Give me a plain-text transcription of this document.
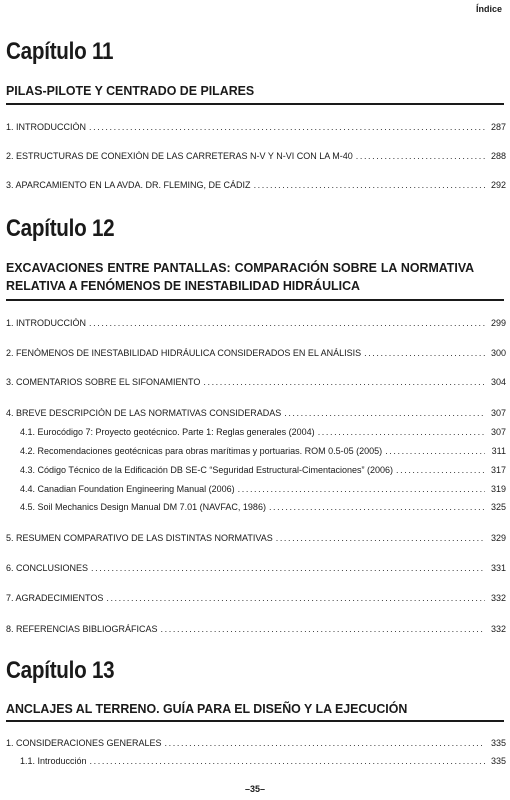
Índice
Capítulo 11
PILAS-PILOTE Y CENTRADO DE PILARES
1. INTRODUCCIÓN .....	287
2. ESTRUCTURAS DE CONEXIÓN DE LAS CARRETERAS N-V Y N-VI CON LA M-40 .....	288
3. APARCAMIENTO EN LA AVDA. DR. FLEMING, DE CÁDIZ .....	292
Capítulo 12
EXCAVACIONES ENTRE PANTALLAS: COMPARACIÓN SOBRE LA NORMATIVA RELATIVA A FENÓMENOS DE INESTABILIDAD HIDRÁULICA
1. INTRODUCCIÓN .....	299
2. FENÓMENOS DE INESTABILIDAD HIDRÁULICA CONSIDERADOS EN EL ANÁLISIS .....	300
3. COMENTARIOS SOBRE EL SIFONAMIENTO .....	304
4. BREVE DESCRIPCIÓN DE LAS NORMATIVAS CONSIDERADAS .....	307
4.1. Eurocódigo 7: Proyecto geotécnico. Parte 1: Reglas generales (2004) .....	307
4.2. Recomendaciones geotécnicas para obras marítimas y portuarias. ROM 0.5-05 (2005) .....	311
4.3. Código Técnico de la Edificación DB SE-C “Seguridad Estructural-Cimentaciones” (2006) .....	317
4.4. Canadian Foundation Engineering Manual (2006) .....	319
4.5. Soil Mechanics Design Manual DM 7.01 (NAVFAC, 1986) .....	325
5. RESUMEN COMPARATIVO DE LAS DISTINTAS NORMATIVAS .....	329
6. CONCLUSIONES .....	331
7. AGRADECIMIENTOS .....	332
8. REFERENCIAS BIBLIOGRÁFICAS .....	332
Capítulo 13
ANCLAJES AL TERRENO. GUÍA PARA EL DISEÑO Y LA EJECUCIÓN
1. CONSIDERACIONES GENERALES .....	335
1.1. Introducción .....	335
–35–
